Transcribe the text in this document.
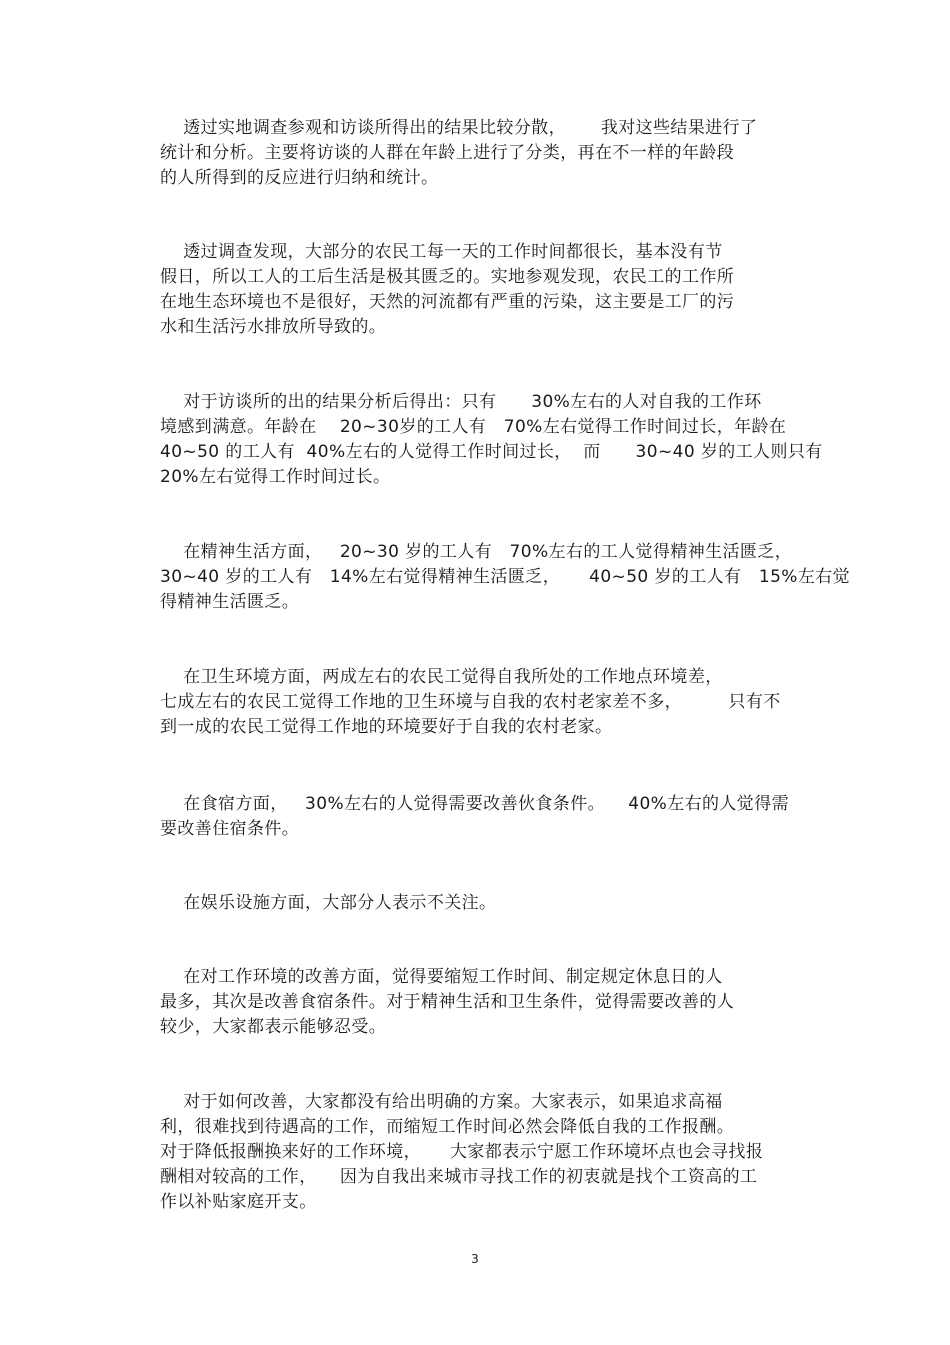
透过实地调查参观和访谈所得出的结果比较分散，      我对这些结果进行了
统计和分析。主要将访谈的人群在年龄上进行了分类，再在不一样的年龄段
的人所得到的反应进行归纳和统计。
透过调查发现，大部分的农民工每一天的工作时间都很长，基本没有节
假日，所以工人的工后生活是极其匮乏的。实地参观发现，农民工的工作所
在地生态环境也不是很好，天然的河流都有严重的污染，这主要是工厂的污
水和生活污水排放所导致的。
对于访谈所的出的结果分析后得出：只有      30%左右的人对自我的工作环
境感到满意。年龄在    20~30岁的工人有   70%左右觉得工作时间过长，年龄在
40~50 的工人有  40%左右的人觉得工作时间过长，  而      30~40 岁的工人则只有
20%左右觉得工作时间过长。
在精神生活方面，   20~30 岁的工人有   70%左右的工人觉得精神生活匮乏，
30~40 岁的工人有   14%左右觉得精神生活匮乏，     40~50 岁的工人有   15%左右觉
得精神生活匮乏。
在卫生环境方面，两成左右的农民工觉得自我所处的工作地点环境差，
七成左右的农民工觉得工作地的卫生环境与自我的农村老家差不多，        只有不
到一成的农民工觉得工作地的环境要好于自我的农村老家。
在食宿方面，   30%左右的人觉得需要改善伙食条件。    40%左右的人觉得需
要改善住宿条件。
在娱乐设施方面，大部分人表示不关注。
在对工作环境的改善方面，觉得要缩短工作时间、制定规定休息日的人
最多，其次是改善食宿条件。对于精神生活和卫生条件，觉得需要改善的人
较少，大家都表示能够忍受。
对于如何改善，大家都没有给出明确的方案。大家表示，如果追求高福
利，很难找到待遇高的工作，而缩短工作时间必然会降低自我的工作报酬。
对于降低报酬换来好的工作环境，     大家都表示宁愿工作环境坏点也会寻找报
酬相对较高的工作，    因为自我出来城市寻找工作的初衷就是找个工资高的工
作以补贴家庭开支。
3
